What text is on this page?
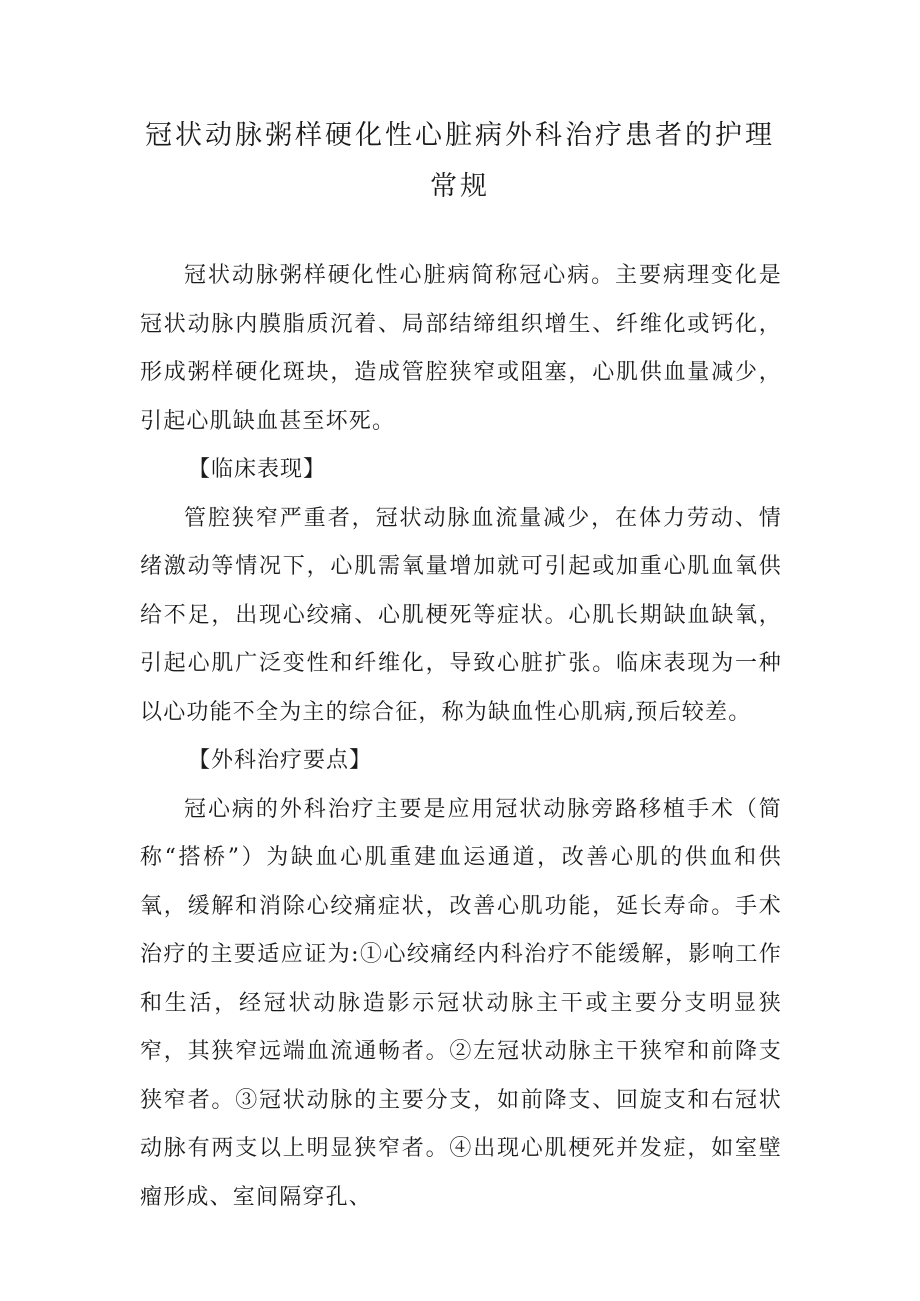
冠状动脉粥样硬化性心脏病外科治疗患者的护理常规

冠状动脉粥样硬化性心脏病简称冠心病。主要病理变化是冠状动脉内膜脂质沉着、局部结缔组织增生、纤维化或钙化，形成粥样硬化斑块，造成管腔狭窄或阻塞，心肌供血量减少，引起心肌缺血甚至坏死。

【临床表现】

管腔狭窄严重者，冠状动脉血流量减少，在体力劳动、情绪激动等情况下，心肌需氧量增加就可引起或加重心肌血氧供给不足，出现心绞痛、心肌梗死等症状。心肌长期缺血缺氧，引起心肌广泛变性和纤维化，导致心脏扩张。临床表现为一种以心功能不全为主的综合征，称为缺血性心肌病,预后较差。

【外科治疗要点】

冠心病的外科治疗主要是应用冠状动脉旁路移植手术（简称“搭桥”）为缺血心肌重建血运通道，改善心肌的供血和供氧，缓解和消除心绞痛症状，改善心肌功能，延长寿命。手术治疗的主要适应证为:①心绞痛经内科治疗不能缓解，影响工作和生活，经冠状动脉造影示冠状动脉主干或主要分支明显狭窄，其狭窄远端血流通畅者。②左冠状动脉主干狭窄和前降支狭窄者。③冠状动脉的主要分支，如前降支、回旋支和右冠状动脉有两支以上明显狭窄者。④出现心肌梗死并发症，如室壁瘤形成、室间隔穿孔、
